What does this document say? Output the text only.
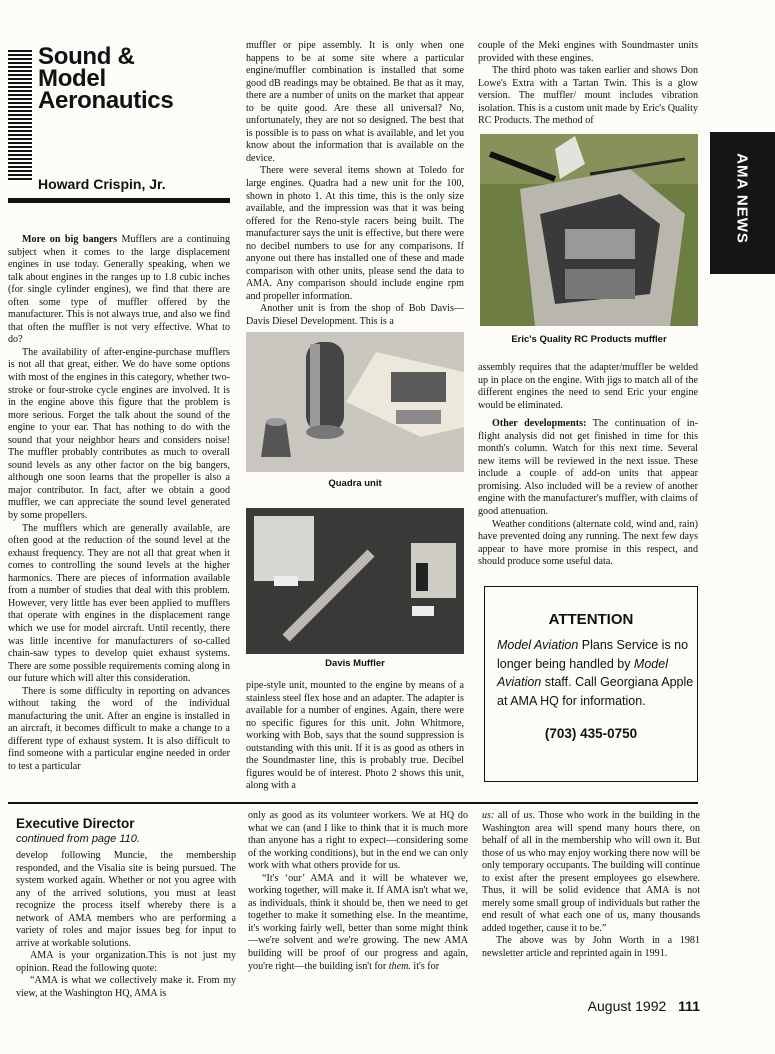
Sound &
Model
Aeronautics
Howard Crispin, Jr.

More on big bangers Mufflers are a continuing subject when it comes to the large displacement engines in use today. Generally speaking, when we talk about engines in the ranges up to 1.8 cubic inches (for single cylinder engines), we find that there are often some type of muffler offered by the manufacturer. This is not always true, and also we find that often the muffler is not very effective. What to do?

The availability of after-engine-purchase mufflers is not all that great, either. We do have some options with most of the engines in this category, whether two-stroke or four-stroke cycle engines are involved. It is in the engine above this figure that the problem is more serious. Forget the talk about the sound of the engine to your ear. That has nothing to do with the sound that your neighbor hears and considers noise! The muffler probably contributes as much to overall sound levels as any other factor on the big bangers, although one soon learns that the propeller is also a major contributor. In fact, after we obtain a good muffler, we can appreciate the sound level generated by some propellers.

The mufflers which are generally available, are often good at the reduction of the sound level at the exhaust frequency. They are not all that great when it comes to controlling the sound levels at the higher harmonics. There are pieces of information available from a number of studies that deal with this problem. However, very little has ever been applied to mufflers that operate with engines in the displacement range which we use for model aircraft. Until recently, there was little incentive for manufacturers of so-called chain-saw types to develop quiet exhaust systems. There are some possible requirements coming along in our future which will alter this consideration.

There is some difficulty in reporting on advances without taking the word of the individual manufacturing the unit. After an engine is installed in an aircraft, it becomes difficult to make a change to a different type of exhaust system. It is also difficult to find someone with a particular engine needed in order to test a particular

muffler or pipe assembly. It is only when one happens to be at some site where a particular engine/muffler combination is installed that some good dB readings may be obtained. Be that as it may, there are a number of units on the market that appear to be quite good. Are these all universal? No, unfortunately, they are not so designed. The best that is possible is to pass on what is available, and let you know about the information that is available on the device.

There were several items shown at Toledo for large engines. Quadra had a new unit for the 100, shown in photo 1. At this time, this is the only size available, and the impression was that it was being offered for the Reno-style racers being built. The manufacturer says the unit is effective, but there were no decibel numbers to use for any comparisons. If anyone out there has installed one of these and made comparison with other units, please send the data to AMA. Any comparison should include engine rpm and propeller information.

Another unit is from the shop of Bob Davis—Davis Diesel Development. This is a

Quadra unit
Davis Muffler

pipe-style unit, mounted to the engine by means of a stainless steel flex hose and an adapter. The adapter is available for a number of engines. Again, there were no specific figures for this unit. John Whitmore, working with Bob, says that the sound suppression is outstanding with this unit. If it is as good as others in the Soundmaster line, this is probably true. Decibel figures would be of interest. Photo 2 shows this unit, along with a

couple of the Meki engines with Soundmaster units provided with these engines.

The third photo was taken earlier and shows Don Lowe's Extra with a Tartan Twin. This is a glow version. The muffler/ mount includes vibration isolation. This is a custom unit made by Eric's Quality RC Products. The method of

AMA NEWS
Eric's Quality RC Products muffler

assembly requires that the adapter/muffler be welded up in place on the engine. With jigs to match all of the different engines the need to send Eric your engine would be eliminated.

Other developments: The continuation of in-flight analysis did not get finished in time for this month's column. Watch for this next time. Several new items will be reviewed in the next issue. These include a couple of add-on units that appear promising. Also included will be a review of another engine with the manufacturer's muffler, with claims of good attenuation.

Weather conditions (alternate cold, wind and, rain) have prevented doing any running. The next few days appear to have more promise in this respect, and should produce some useful data.

ATTENTION
Model Aviation Plans Service is no longer being handled by Model Aviation staff. Call Georgiana Apple at AMA HQ for information.
(703) 435-0750
Executive Director
continued from page 110.

develop following Muncie, the membership responded, and the Visalia site is being pursued. The system worked again. Whether or not you agree with any of the arrived solutions, you must at least recognize the process itself whereby there is a network of AMA members who are performing a variety of roles and major issues beg for input to arrive at workable solutions.

AMA is your organization.This is not just my opinion. Read the following quote:

“AMA is what we collectively make it. From my view, at the Washington HQ, AMA is

only as good as its volunteer workers. We at HQ do what we can (and I like to think that it is much more than anyone has a right to expect—considering some of the working conditions), but in the end we can only work with what others provide for us.

“It's ‘our’ AMA and it will be whatever we, working together, will make it. If AMA isn't what we, as individuals, think it should be, then we need to get together to make it something else. In the meantime, it's working fairly well, better than some might think—we're solvent and we're growing. The new AMA building will be proof of our progress and again, you're right—the building isn't for them. it's for

us: all of us. Those who work in the building in the Washington area will spend many hours there, on behalf of all in the membership who will own it. But those of us who may enjoy working there now will be only temporary occupants. The building will continue to exist after the present employees go elsewhere. Thus, it will be solid evidence that AMA is not merely some small group of individuals but rather the end result of what each one of us, many thousands added together, cause it to be.”

The above was by John Worth in a 1981 newsletter article and reprinted again in 1991.

August 1992 111
